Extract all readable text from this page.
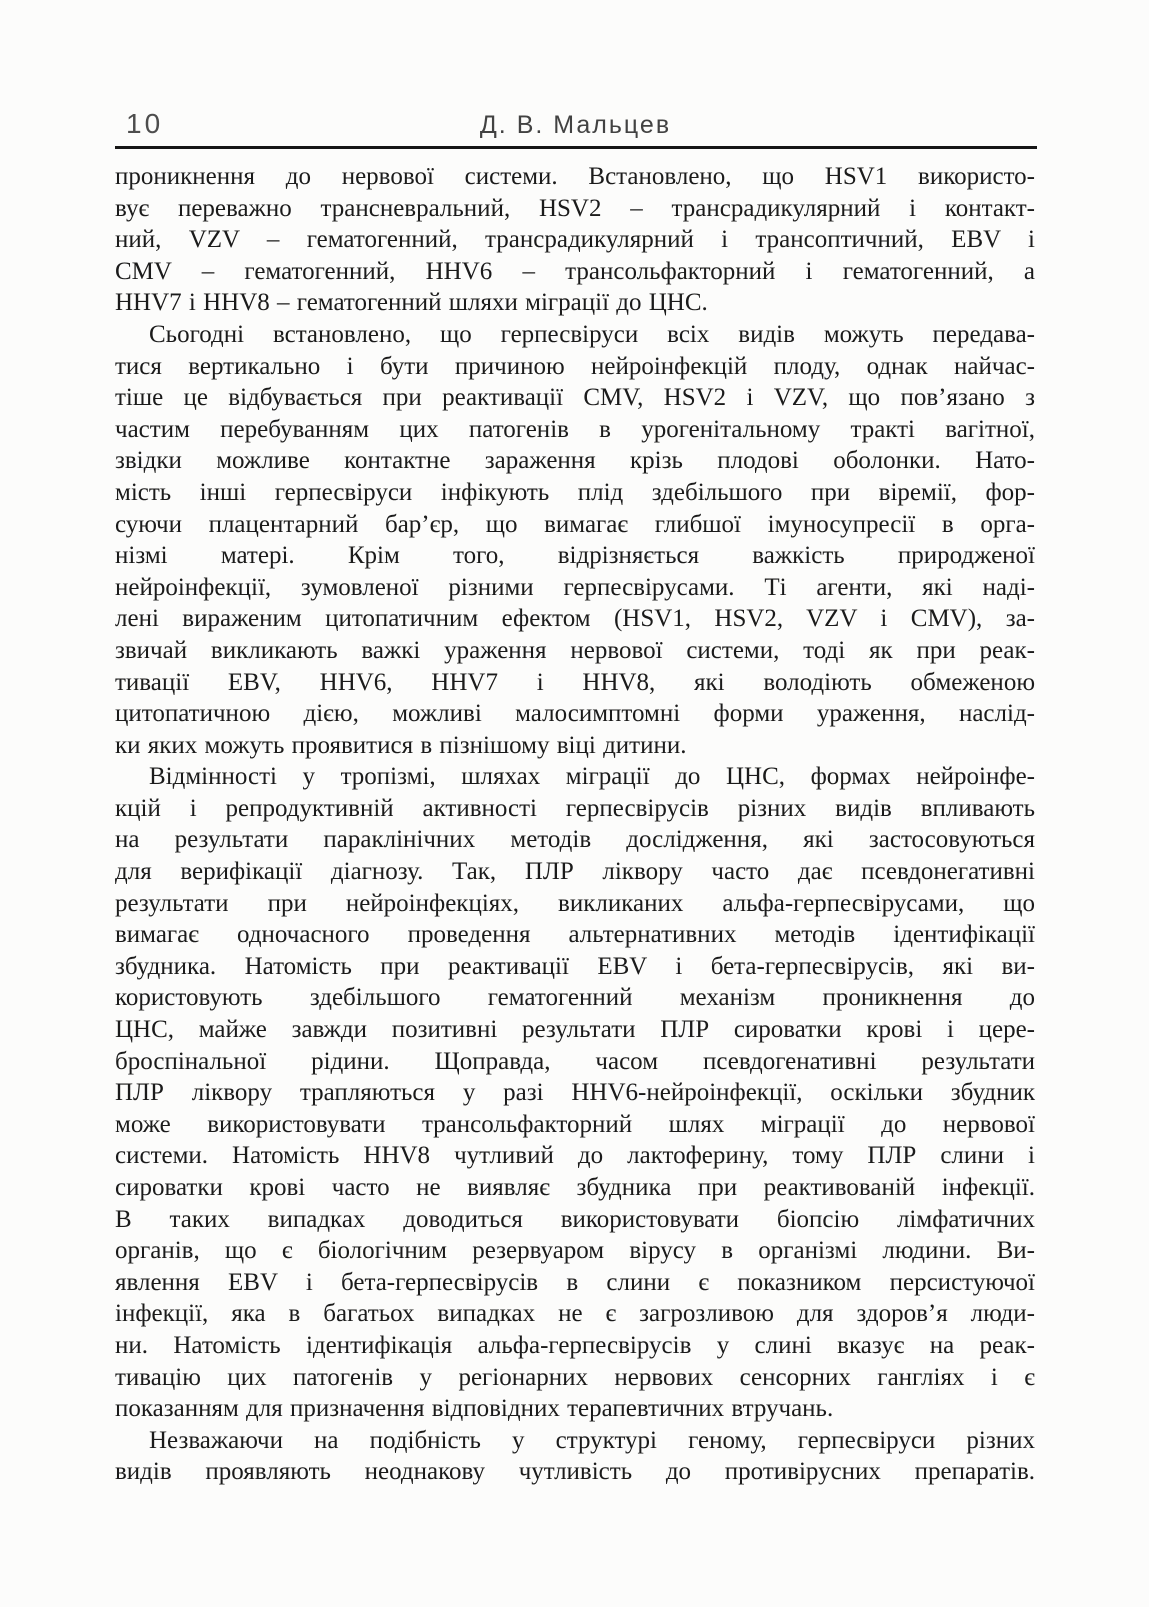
10	Д. В. Мальцев
проникнення до нервової системи. Встановлено, що HSV1 використо-
вує переважно трансневральний, HSV2 – трансрадикулярний і контакт-
ний, VZV – гематогенний, трансрадикулярний і трансоптичний, EBV і
CMV – гематогенний, HHV6 – трансольфакторний і гематогенний, а
HHV7 і HHV8 – гематогенний шляхи міграції до ЦНС.
Сьогодні встановлено, що герпесвіруси всіх видів можуть передава-
тися вертикально і бути причиною нейроінфекцій плоду, однак найчас-
тіше це відбувається при реактивації CMV, HSV2 і VZV, що пов’язано з
частим перебуванням цих патогенів в урогенітальному тракті вагітної,
звідки можливе контактне зараження крізь плодові оболонки. Нато-
мість інші герпесвіруси інфікують плід здебільшого при віремії, фор-
суючи плацентарний бар’єр, що вимагає глибшої імуносупресії в орга-
нізмі матері. Крім того, відрізняється важкість природженої
нейроінфекції, зумовленої різними герпесвірусами. Ті агенти, які наді-
лені вираженим цитопатичним ефектом (HSV1, HSV2, VZV і CMV), за-
звичай викликають важкі ураження нервової системи, тоді як при реак-
тивації EBV, HHV6, HHV7 і HHV8, які володіють обмеженою
цитопатичною дією, можливі малосимптомні форми ураження, наслід-
ки яких можуть проявитися в пізнішому віці дитини.
Відмінності у тропізмі, шляхах міграції до ЦНС, формах нейроінфе-
кцій і репродуктивній активності герпесвірусів різних видів впливають
на результати параклінічних методів дослідження, які застосовуються
для верифікації діагнозу. Так, ПЛР ліквору часто дає псевдонегативні
результати при нейроінфекціях, викликаних альфа-герпесвірусами, що
вимагає одночасного проведення альтернативних методів ідентифікації
збудника. Натомість при реактивації EBV і бета-герпесвірусів, які ви-
користовують здебільшого гематогенний механізм проникнення до
ЦНС, майже завжди позитивні результати ПЛР сироватки крові і цере-
броспінальної рідини. Щоправда, часом псевдогенативні результати
ПЛР ліквору трапляються у разі HHV6-нейроінфекції, оскільки збудник
може використовувати трансольфакторний шлях міграції до нервової
системи. Натомість HHV8 чутливий до лактоферину, тому ПЛР слини і
сироватки крові часто не виявляє збудника при реактивованій інфекції.
В таких випадках доводиться використовувати біопсію лімфатичних
органів, що є біологічним резервуаром вірусу в організмі людини. Ви-
явлення EBV і бета-герпесвірусів в слини є показником персистуючої
інфекції, яка в багатьох випадках не є загрозливою для здоров’я люди-
ни. Натомість ідентифікація альфа-герпесвірусів у слині вказує на реак-
тивацію цих патогенів у регіонарних нервових сенсорних гангліях і є
показанням для призначення відповідних терапевтичних втручань.
Незважаючи на подібність у структурі геному, герпесвіруси різних
видів проявляють неоднакову чутливість до противірусних препаратів.
